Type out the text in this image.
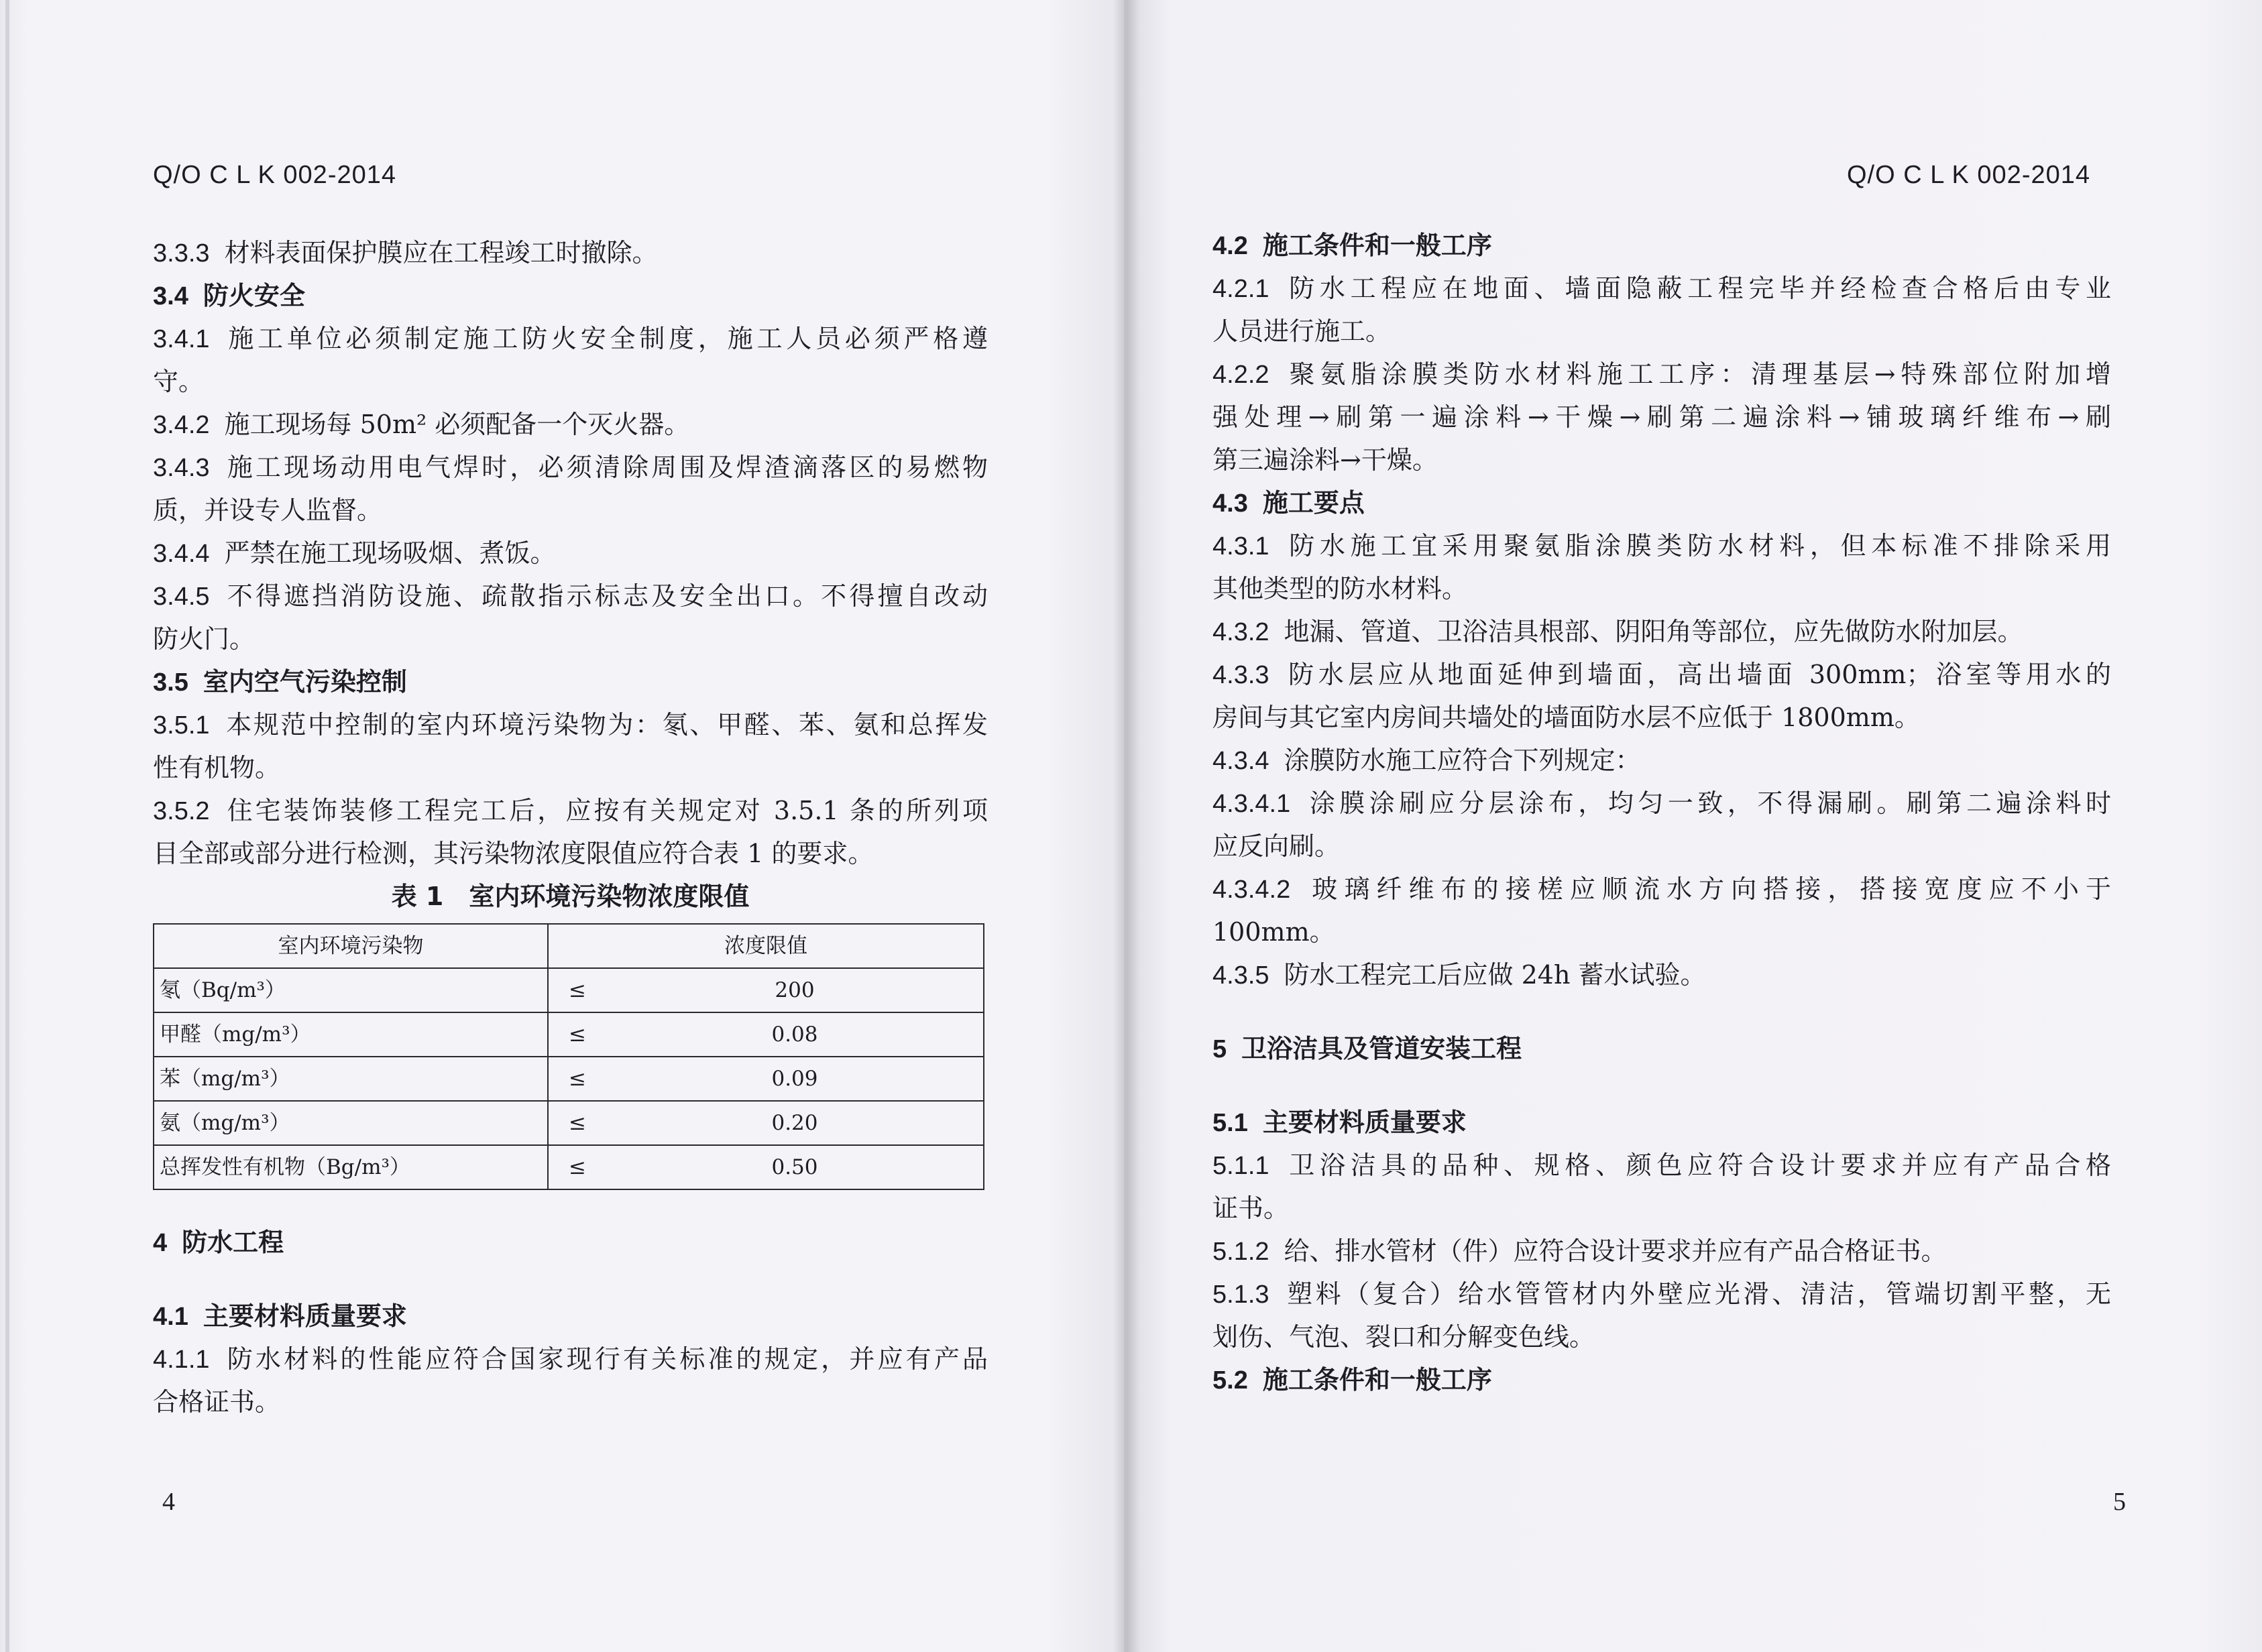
Q/O C L K 002-2014
3.3.3 材料表面保护膜应在工程竣工时撤除。
3.4 防火安全
3.4.1 施工单位必须制定施工防火安全制度，施工人员必须严格遵
守。
3.4.2 施工现场每 50m² 必须配备一个灭火器。
3.4.3 施工现场动用电气焊时，必须清除周围及焊渣滴落区的易燃物
质，并设专人监督。
3.4.4 严禁在施工现场吸烟、煮饭。
3.4.5 不得遮挡消防设施、疏散指示标志及安全出口。不得擅自改动
防火门。
3.5 室内空气污染控制
3.5.1 本规范中控制的室内环境污染物为：氡、甲醛、苯、氨和总挥发
性有机物。
3.5.2 住宅装饰装修工程完工后，应按有关规定对 3.5.1 条的所列项
目全部或部分进行检测，其污染物浓度限值应符合表 1 的要求。
表 1　室内环境污染物浓度限值
室内环境污染物	浓度限值	
氡（Bq/m³）	≤	200
甲醛（mg/m³）	≤	0.08
苯（mg/m³）	≤	0.09
氨（mg/m³）	≤	0.20
总挥发性有机物（Bg/m³）	≤	0.50
4 防水工程
4.1 主要材料质量要求
4.1.1 防水材料的性能应符合国家现行有关标准的规定，并应有产品
合格证书。
4
Q/O C L K 002-2014
4.2 施工条件和一般工序
4.2.1 防水工程应在地面、墙面隐蔽工程完毕并经检查合格后由专业
人员进行施工。
4.2.2 聚氨脂涂膜类防水材料施工工序：清理基层→特殊部位附加增
强处理→刷第一遍涂料→干燥→刷第二遍涂料→铺玻璃纤维布→刷
第三遍涂料→干燥。
4.3 施工要点
4.3.1 防水施工宜采用聚氨脂涂膜类防水材料，但本标准不排除采用
其他类型的防水材料。
4.3.2 地漏、管道、卫浴洁具根部、阴阳角等部位，应先做防水附加层。
4.3.3 防水层应从地面延伸到墙面，高出墙面 300mm；浴室等用水的
房间与其它室内房间共墙处的墙面防水层不应低于 1800mm。
4.3.4 涂膜防水施工应符合下列规定：
4.3.4.1 涂膜涂刷应分层涂布，均匀一致，不得漏刷。刷第二遍涂料时
应反向刷。
4.3.4.2 玻璃纤维布的接槎应顺流水方向搭接，搭接宽度应不小于
100mm。
4.3.5 防水工程完工后应做 24h 蓄水试验。
5 卫浴洁具及管道安装工程
5.1 主要材料质量要求
5.1.1 卫浴洁具的品种、规格、颜色应符合设计要求并应有产品合格
证书。
5.1.2 给、排水管材（件）应符合设计要求并应有产品合格证书。
5.1.3 塑料（复合）给水管管材内外壁应光滑、清洁，管端切割平整，无
划伤、气泡、裂口和分解变色线。
5.2 施工条件和一般工序
5
